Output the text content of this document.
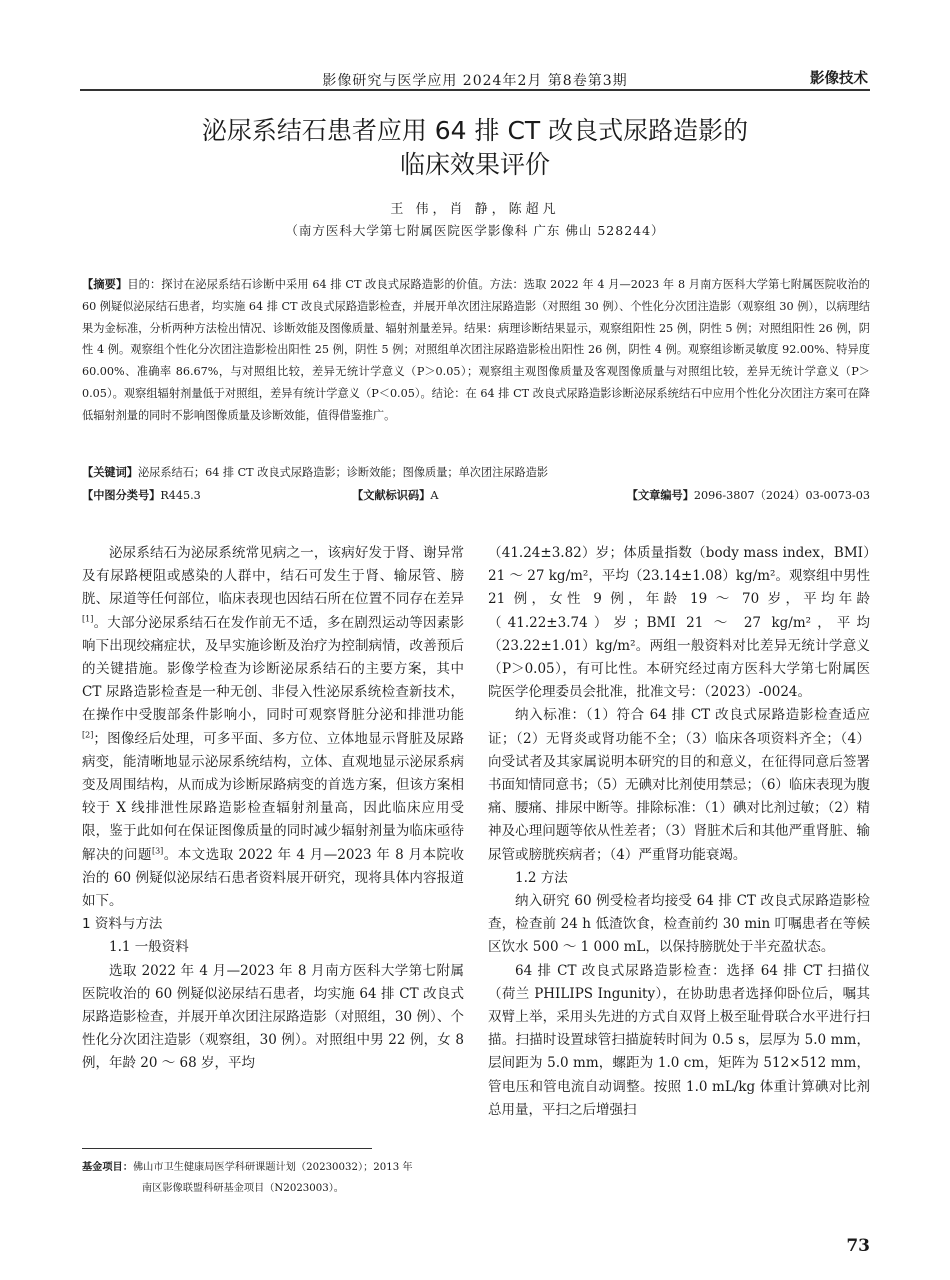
影像研究与医学应用 2024年2月 第8卷第3期	影像技术
泌尿系结石患者应用 64 排 CT 改良式尿路造影的
临床效果评价
王 伟，肖 静，陈超凡
（南方医科大学第七附属医院医学影像科 广东 佛山 528244）
【摘要】目的：探讨在泌尿系结石诊断中采用 64 排 CT 改良式尿路造影的价值。方法：选取 2022 年 4 月—2023 年 8 月南方医科大学第七附属医院收治的 60 例疑似泌尿结石患者，均实施 64 排 CT 改良式尿路造影检查，并展开单次团注尿路造影（对照组 30 例）、个性化分次团注造影（观察组 30 例），以病理结果为金标准，分析两种方法检出情况、诊断效能及图像质量、辐射剂量差异。结果：病理诊断结果显示，观察组阳性 25 例，阴性 5 例；对照组阳性 26 例，阴性 4 例。观察组个性化分次团注造影检出阳性 25 例，阴性 5 例；对照组单次团注尿路造影检出阳性 26 例，阴性 4 例。观察组诊断灵敏度 92.00%、特异度 60.00%、准确率 86.67%，与对照组比较，差异无统计学意义（P＞0.05）；观察组主观图像质量及客观图像质量与对照组比较，差异无统计学意义（P＞0.05）。观察组辐射剂量低于对照组，差异有统计学意义（P＜0.05）。结论：在 64 排 CT 改良式尿路造影诊断泌尿系统结石中应用个性化分次团注方案可在降低辐射剂量的同时不影响图像质量及诊断效能，值得借鉴推广。
【关键词】泌尿系结石；64 排 CT 改良式尿路造影；诊断效能；图像质量；单次团注尿路造影
【中图分类号】R445.3	【文献标识码】A	【文章编号】2096-3807（2024）03-0073-03

泌尿系结石为泌尿系统常见病之一，该病好发于肾、谢异常及有尿路梗阻或感染的人群中，结石可发生于肾、输尿管、膀胱、尿道等任何部位，临床表现也因结石所在位置不同存在差异[1]。大部分泌尿系结石在发作前无不适，多在剧烈运动等因素影响下出现绞痛症状，及早实施诊断及治疗为控制病情，改善预后的关键措施。影像学检查为诊断泌尿系结石的主要方案，其中 CT 尿路造影检查是一种无创、非侵入性泌尿系统检查新技术，在操作中受腹部条件影响小，同时可观察肾脏分泌和排泄功能[2]；图像经后处理，可多平面、多方位、立体地显示肾脏及尿路病变，能清晰地显示泌尿系统结构，立体、直观地显示泌尿系病变及周围结构，从而成为诊断尿路病变的首选方案，但该方案相较于 X 线排泄性尿路造影检查辐射剂量高，因此临床应用受限，鉴于此如何在保证图像质量的同时减少辐射剂量为临床亟待解决的问题[3]。本文选取 2022 年 4 月—2023 年 8 月本院收治的 60 例疑似泌尿结石患者资料展开研究，现将具体内容报道如下。

1 资料与方法

1.1 一般资料

选取 2022 年 4 月—2023 年 8 月南方医科大学第七附属医院收治的 60 例疑似泌尿结石患者，均实施 64 排 CT 改良式尿路造影检查，并展开单次团注尿路造影（对照组，30 例）、个性化分次团注造影（观察组，30 例）。对照组中男 22 例，女 8 例，年龄 20 ～ 68 岁，平均

（41.24±3.82）岁；体质量指数（body mass index，BMI）21 ～ 27 kg/m²，平均（23.14±1.08）kg/m²。观察组中男性 21 例，女性 9 例，年龄 19 ～ 70 岁，平均年龄（41.22±3.74）岁；BMI 21 ～ 27 kg/m²，平均（23.22±1.01）kg/m²。两组一般资料对比差异无统计学意义（P＞0.05），有可比性。本研究经过南方医科大学第七附属医院医学伦理委员会批准，批准文号：（2023）-0024。

纳入标准：（1）符合 64 排 CT 改良式尿路造影检查适应证；（2）无肾炎或肾功能不全；（3）临床各项资料齐全；（4）向受试者及其家属说明本研究的目的和意义，在征得同意后签署书面知情同意书；（5）无碘对比剂使用禁忌；（6）临床表现为腹痛、腰痛、排尿中断等。排除标准：（1）碘对比剂过敏；（2）精神及心理问题等依从性差者；（3）肾脏术后和其他严重肾脏、输尿管或膀胱疾病者；（4）严重肾功能衰竭。

1.2 方法

纳入研究 60 例受检者均接受 64 排 CT 改良式尿路造影检查，检查前 24 h 低渣饮食，检查前约 30 min 叮嘱患者在等候区饮水 500 ～ 1 000 mL，以保持膀胱处于半充盈状态。

64 排 CT 改良式尿路造影检查：选择 64 排 CT 扫描仪（荷兰 PHILIPS Ingunity），在协助患者选择仰卧位后，嘱其双臂上举，采用头先进的方式自双肾上极至耻骨联合水平进行扫描。扫描时设置球管扫描旋转时间为 0.5 s，层厚为 5.0 mm，层间距为 5.0 mm，螺距为 1.0 cm，矩阵为 512×512 mm，管电压和管电流自动调整。按照 1.0 mL/kg 体重计算碘对比剂总用量，平扫之后增强扫

基金项目：佛山市卫生健康局医学科研课题计划（20230032）；2013 年
南区影像联盟科研基金项目（N2023003）。
73
